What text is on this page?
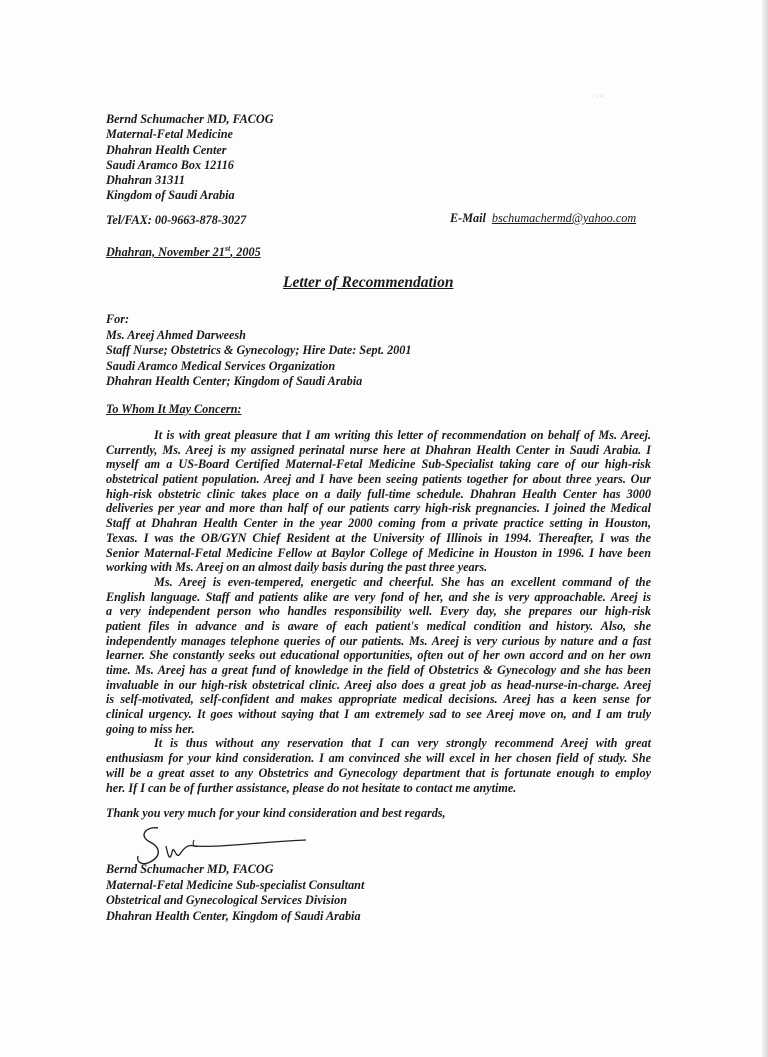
· ·
Bernd Schumacher MD, FACOG
Maternal-Fetal Medicine
Dhahran Health Center
Saudi Aramco Box 12116
Dhahran 31311
Kingdom of Saudi Arabia
Tel/FAX: 00-9663-878-3027	E-Mail bschumachermd@yahoo.com
Dhahran, November 21st, 2005
Letter of Recommendation
For:
Ms. Areej Ahmed Darweesh
Staff Nurse; Obstetrics & Gynecology; Hire Date: Sept. 2001
Saudi Aramco Medical Services Organization
Dhahran Health Center; Kingdom of Saudi Arabia
To Whom It May Concern:
It is with great pleasure that I am writing this letter of recommendation on behalf of Ms. Areej.
Currently, Ms. Areej is my assigned perinatal nurse here at Dhahran Health Center in Saudi Arabia. I
myself am a US-Board Certified Maternal-Fetal Medicine Sub-Specialist taking care of our high-risk
obstetrical patient population. Areej and I have been seeing patients together for about three years. Our
high-risk obstetric clinic takes place on a daily full-time schedule. Dhahran Health Center has 3000
deliveries per year and more than half of our patients carry high-risk pregnancies. I joined the Medical
Staff at Dhahran Health Center in the year 2000 coming from a private practice setting in Houston,
Texas. I was the OB/GYN Chief Resident at the University of Illinois in 1994. Thereafter, I was the
Senior Maternal-Fetal Medicine Fellow at Baylor College of Medicine in Houston in 1996. I have been
working with Ms. Areej on an almost daily basis during the past three years.
Ms. Areej is even-tempered, energetic and cheerful. She has an excellent command of the
English language. Staff and patients alike are very fond of her, and she is very approachable. Areej is
a very independent person who handles responsibility well. Every day, she prepares our high-risk
patient files in advance and is aware of each patient's medical condition and history. Also, she
independently manages telephone queries of our patients. Ms. Areej is very curious by nature and a fast
learner. She constantly seeks out educational opportunities, often out of her own accord and on her own
time. Ms. Areej has a great fund of knowledge in the field of Obstetrics & Gynecology and she has been
invaluable in our high-risk obstetrical clinic. Areej also does a great job as head-nurse-in-charge. Areej
is self-motivated, self-confident and makes appropriate medical decisions. Areej has a keen sense for
clinical urgency. It goes without saying that I am extremely sad to see Areej move on, and I am truly
going to miss her.
It is thus without any reservation that I can very strongly recommend Areej with great
enthusiasm for your kind consideration. I am convinced she will excel in her chosen field of study. She
will be a great asset to any Obstetrics and Gynecology department that is fortunate enough to employ
her. If I can be of further assistance, please do not hesitate to contact me anytime.
Thank you very much for your kind consideration and best regards,
Bernd Schumacher MD, FACOG
Maternal-Fetal Medicine Sub-specialist Consultant
Obstetrical and Gynecological Services Division
Dhahran Health Center, Kingdom of Saudi Arabia
